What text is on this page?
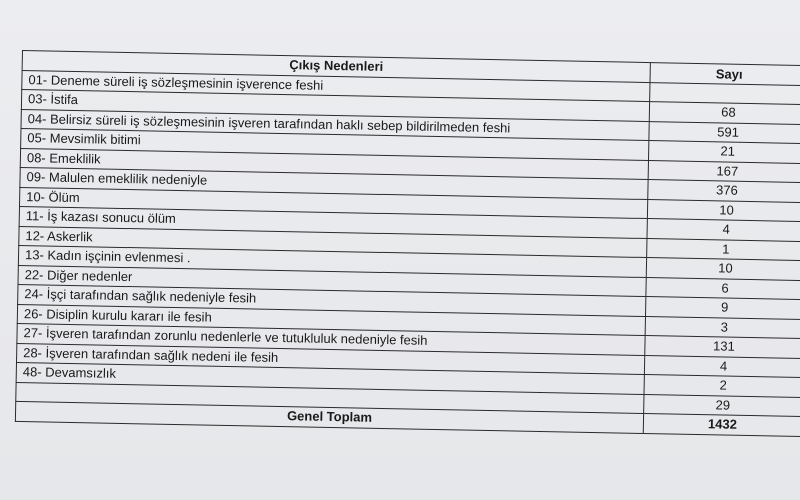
Çıkış Nedenleri	Sayı
01- Deneme süreli iş sözleşmesinin işverence feshi	
03- İstifa	68
04- Belirsiz süreli iş sözleşmesinin işveren tarafından haklı sebep bildirilmeden feshi	591
05- Mevsimlik bitimi	21
08- Emeklilik	167
09- Malulen emeklilik nedeniyle	376
10- Ölüm	10
11- İş kazası sonucu ölüm	4
12- Askerlik	1
13- Kadın işçinin evlenmesi .	10
22- Diğer nedenler	6
24- İşçi tarafından sağlık nedeniyle fesih	9
26- Disiplin kurulu kararı ile fesih	3
27- İşveren tarafından zorunlu nedenlerle ve tutukluluk nedeniyle fesih	131
28- İşveren tarafından sağlık nedeni ile fesih	4
48- Devamsızlık	2
	29
Genel Toplam	1432
